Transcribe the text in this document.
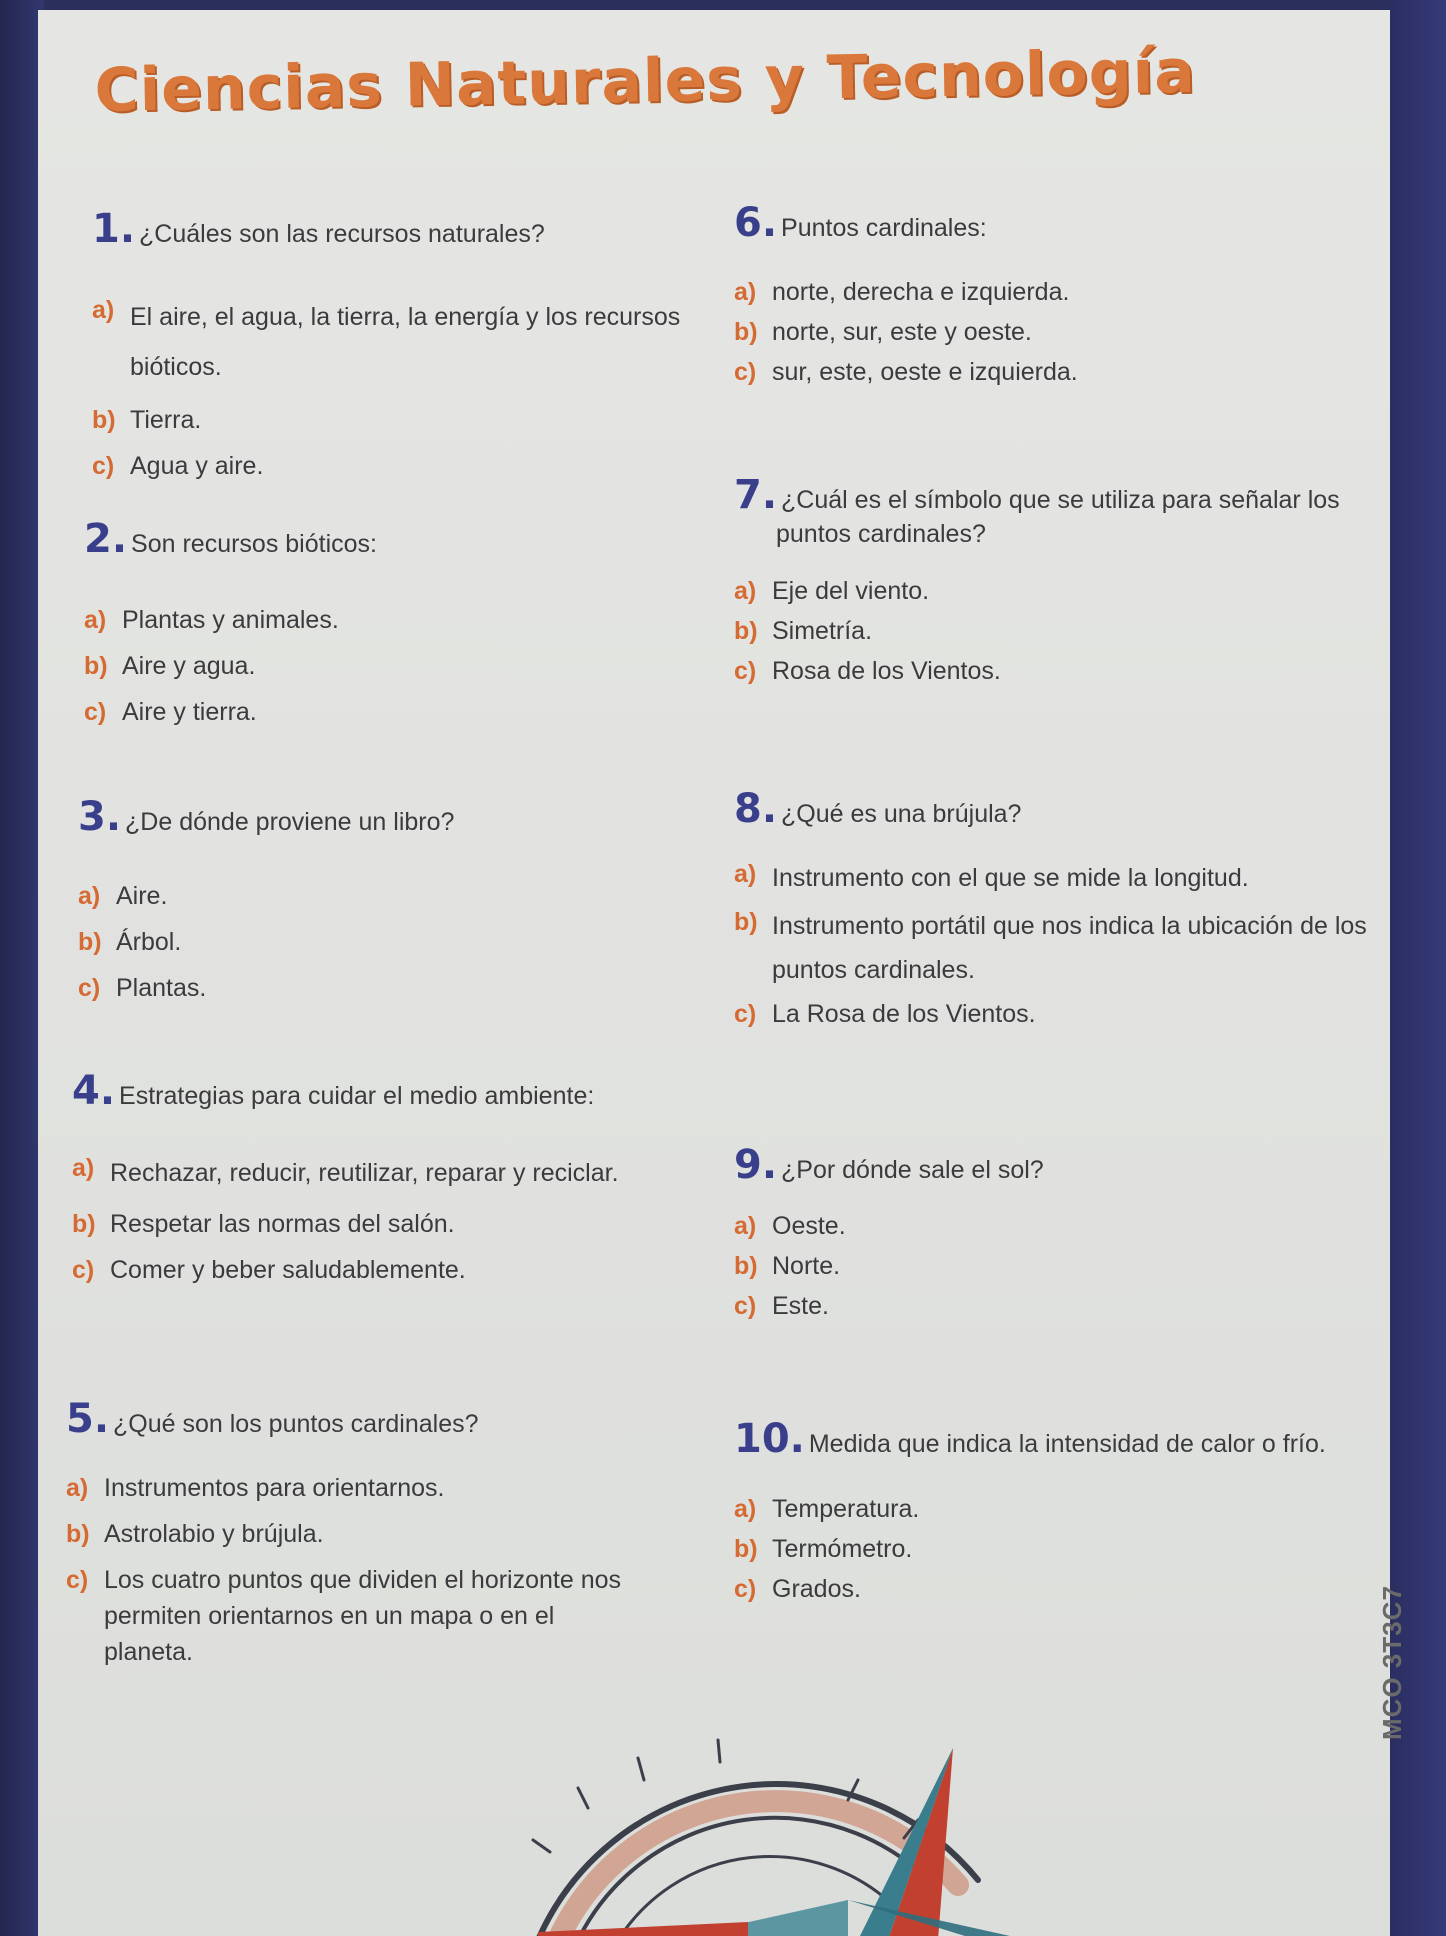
Ciencias Naturales y Tecnología
1. ¿Cuáles son las recursos naturales?
a) El aire, el agua, la tierra, la energía y los recursos bióticos.
b) Tierra.
c) Agua y aire.
2. Son recursos bióticos:
a) Plantas y animales.
b) Aire y agua.
c) Aire y tierra.
3. ¿De dónde proviene un libro?
a) Aire.
b) Árbol.
c) Plantas.
4. Estrategias para cuidar el medio ambiente:
a) Rechazar, reducir, reutilizar, reparar y reciclar.
b) Respetar las normas del salón.
c) Comer y beber saludablemente.
5. ¿Qué son los puntos cardinales?
a) Instrumentos para orientarnos.
b) Astrolabio y brújula.
c) Los cuatro puntos que dividen el horizonte nos permiten orientarnos en un mapa o en el planeta.
6. Puntos cardinales:
a) norte, derecha e izquierda.
b) norte, sur, este y oeste.
c) sur, este, oeste e izquierda.
7. ¿Cuál es el símbolo que se utiliza para señalar los puntos cardinales?
a) Eje del viento.
b) Simetría.
c) Rosa de los Vientos.
8. ¿Qué es una brújula?
a) Instrumento con el que se mide la longitud.
b) Instrumento portátil que nos indica la ubicación de los puntos cardinales.
c) La Rosa de los Vientos.
9. ¿Por dónde sale el sol?
a) Oeste.
b) Norte.
c) Este.
10. Medida que indica la intensidad de calor o frío.
a) Temperatura.
b) Termómetro.
c) Grados.	MCO 3T3C7
